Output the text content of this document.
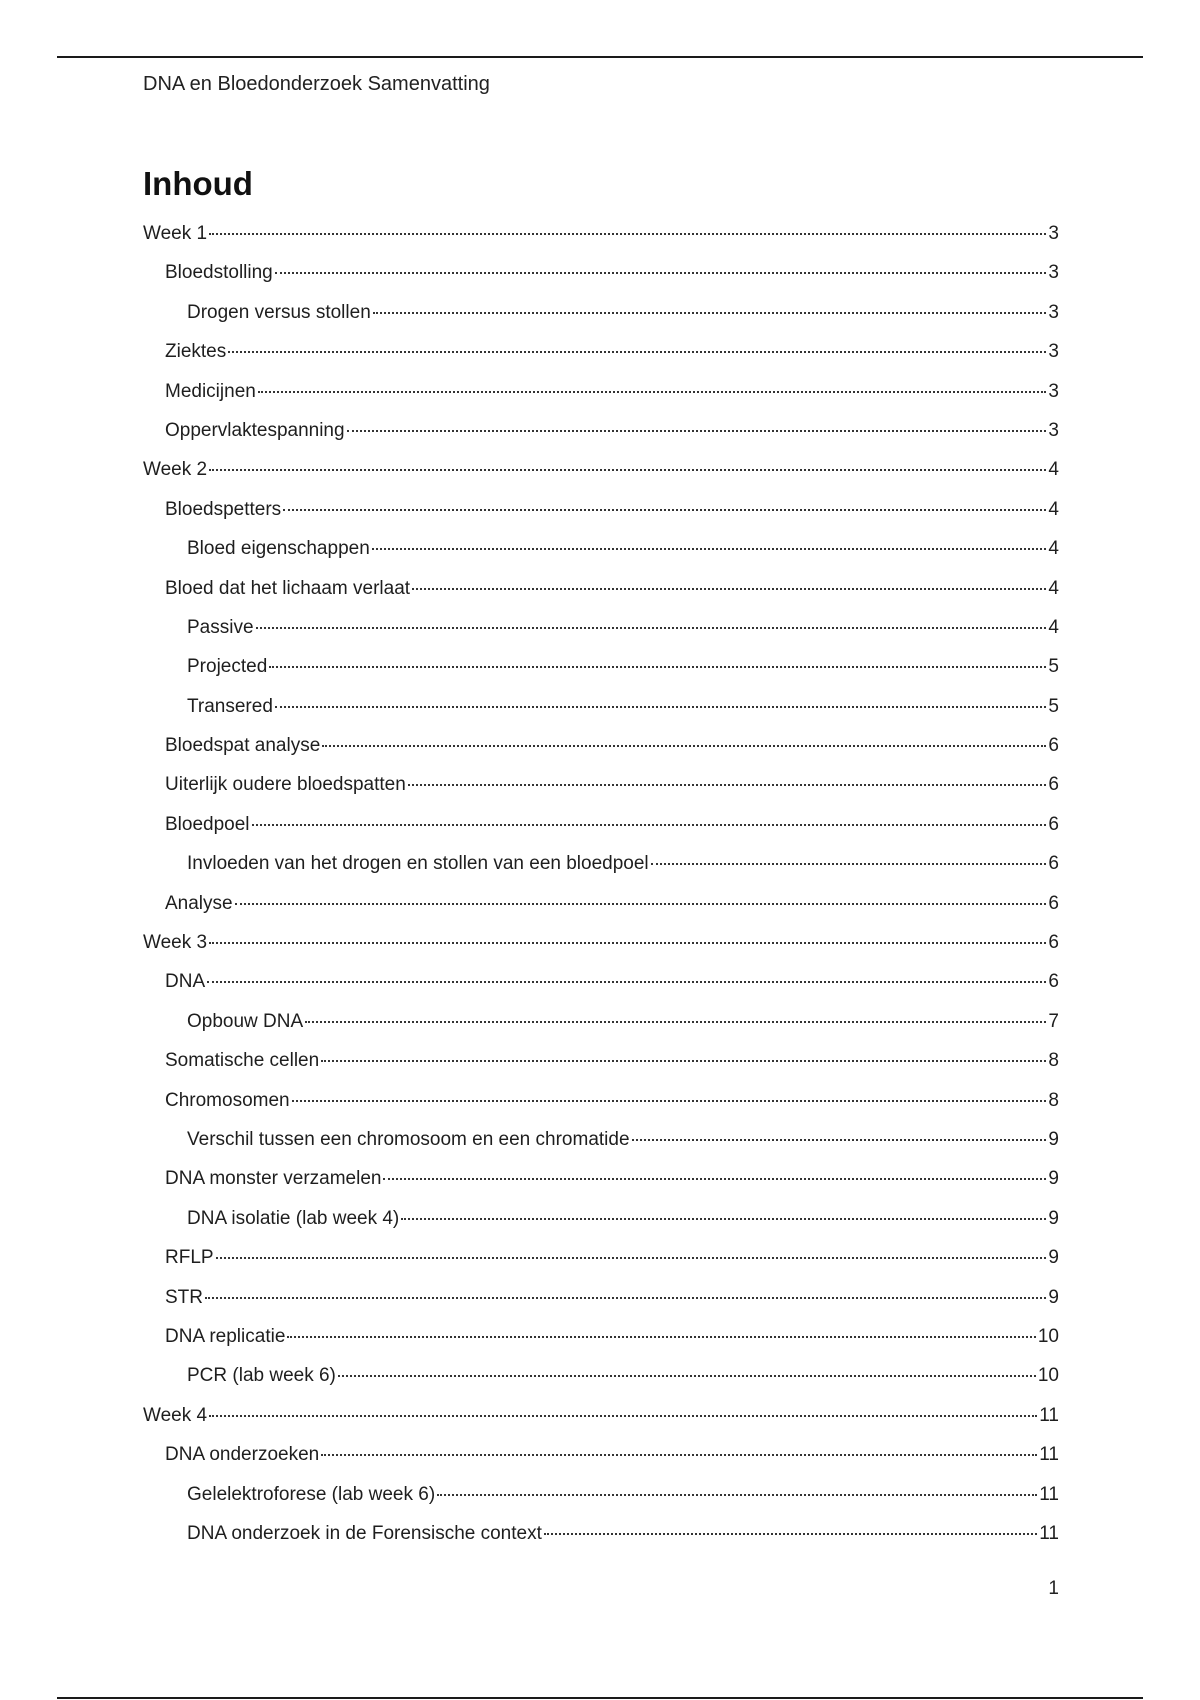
DNA en Bloedonderzoek Samenvatting
Inhoud
Week 1	3
Bloedstolling	3
Drogen versus stollen	3
Ziektes	3
Medicijnen	3
Oppervlaktespanning	3
Week 2	4
Bloedspetters	4
Bloed eigenschappen	4
Bloed dat het lichaam verlaat	4
Passive	4
Projected	5
Transered	5
Bloedspat analyse	6
Uiterlijk oudere bloedspatten	6
Bloedpoel	6
Invloeden van het drogen en stollen van een bloedpoel	6
Analyse	6
Week 3	6
DNA	6
Opbouw DNA	7
Somatische cellen	8
Chromosomen	8
Verschil tussen een chromosoom en een chromatide	9
DNA monster verzamelen	9
DNA isolatie (lab week 4)	9
RFLP	9
STR	9
DNA replicatie	10
PCR (lab week 6)	10
Week 4	11
DNA onderzoeken	11
Gelelektroforese (lab week 6)	11
DNA onderzoek in de Forensische context	11
1
